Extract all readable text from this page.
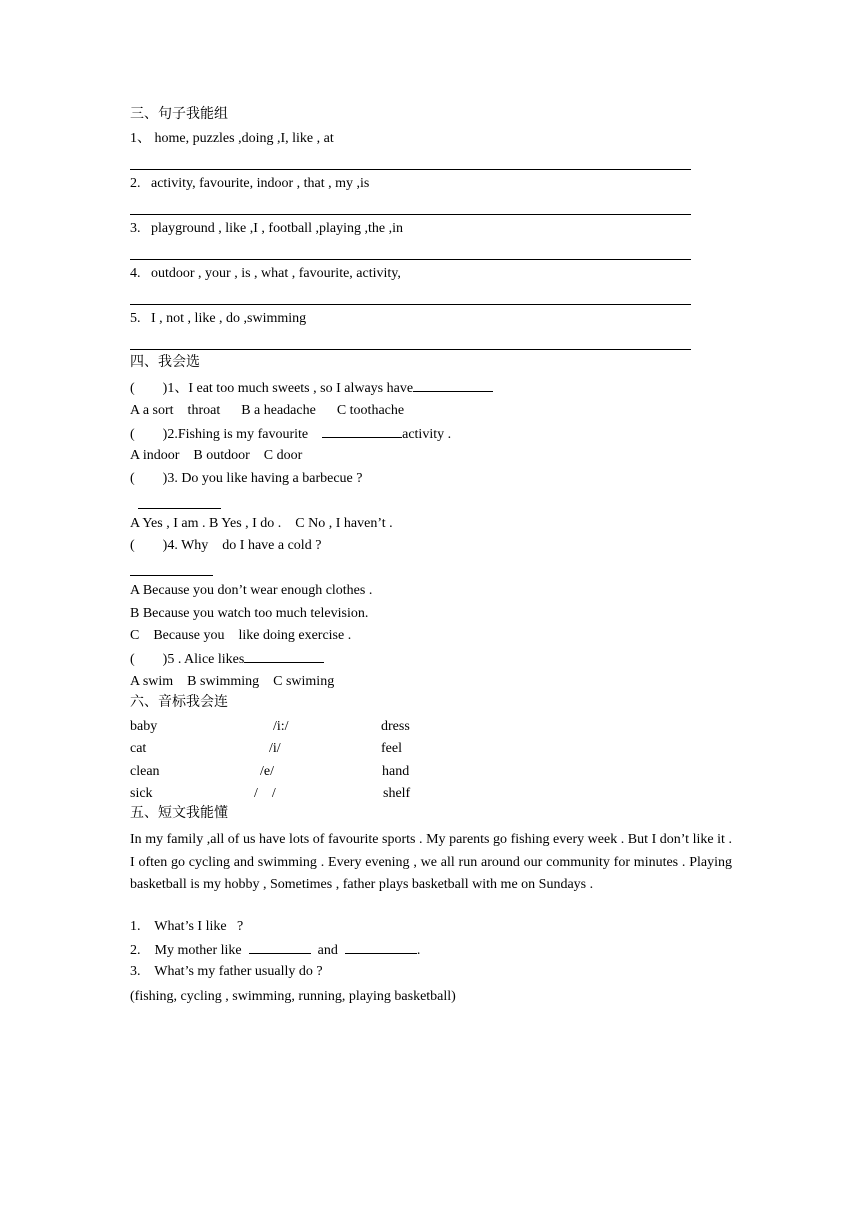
三、句子我能组
1、 home, puzzles ,doing ,I, like , at
2.   activity, favourite, indoor , that , my ,is
3.   playground , like ,I , football ,playing ,the ,in
4.   outdoor , your , is , what , favourite, activity,
5.   I , not , like , do ,swimming
四、我会选
(        )1、I eat too much sweets , so I always have
A a sort    throat      B a headache      C toothache
(        )2.Fishing is my favourite	activity .
A indoor    B outdoor    C door
(        )3. Do you like having a barbecue ?
A Yes , I am . B Yes , I do .    C No , I haven’t .
(        )4. Why    do I have a cold ?
A Because you don’t wear enough clothes .
B Because you watch too much television.
C    Because you    like doing exercise .
(        )5 . Alice likes
A swim    B swimming    C swiming
六、音标我会连
baby	/i:/	dress
cat	/i/	feel
clean	/e/	hand
sick	/    /	shelf
五、短文我能懂
In my family ,all of us have lots of favourite sports . My parents go fishing every week . But I don’t like it . I often go cycling and swimming . Every evening , we all run around our community for minutes . Playing basketball is my hobby , Sometimes , father plays basketball with me on Sundays .
1.    What’s I like   ?
2.    My mother like	and	.
3.    What’s my father usually do ?
(fishing, cycling , swimming, running, playing basketball)
